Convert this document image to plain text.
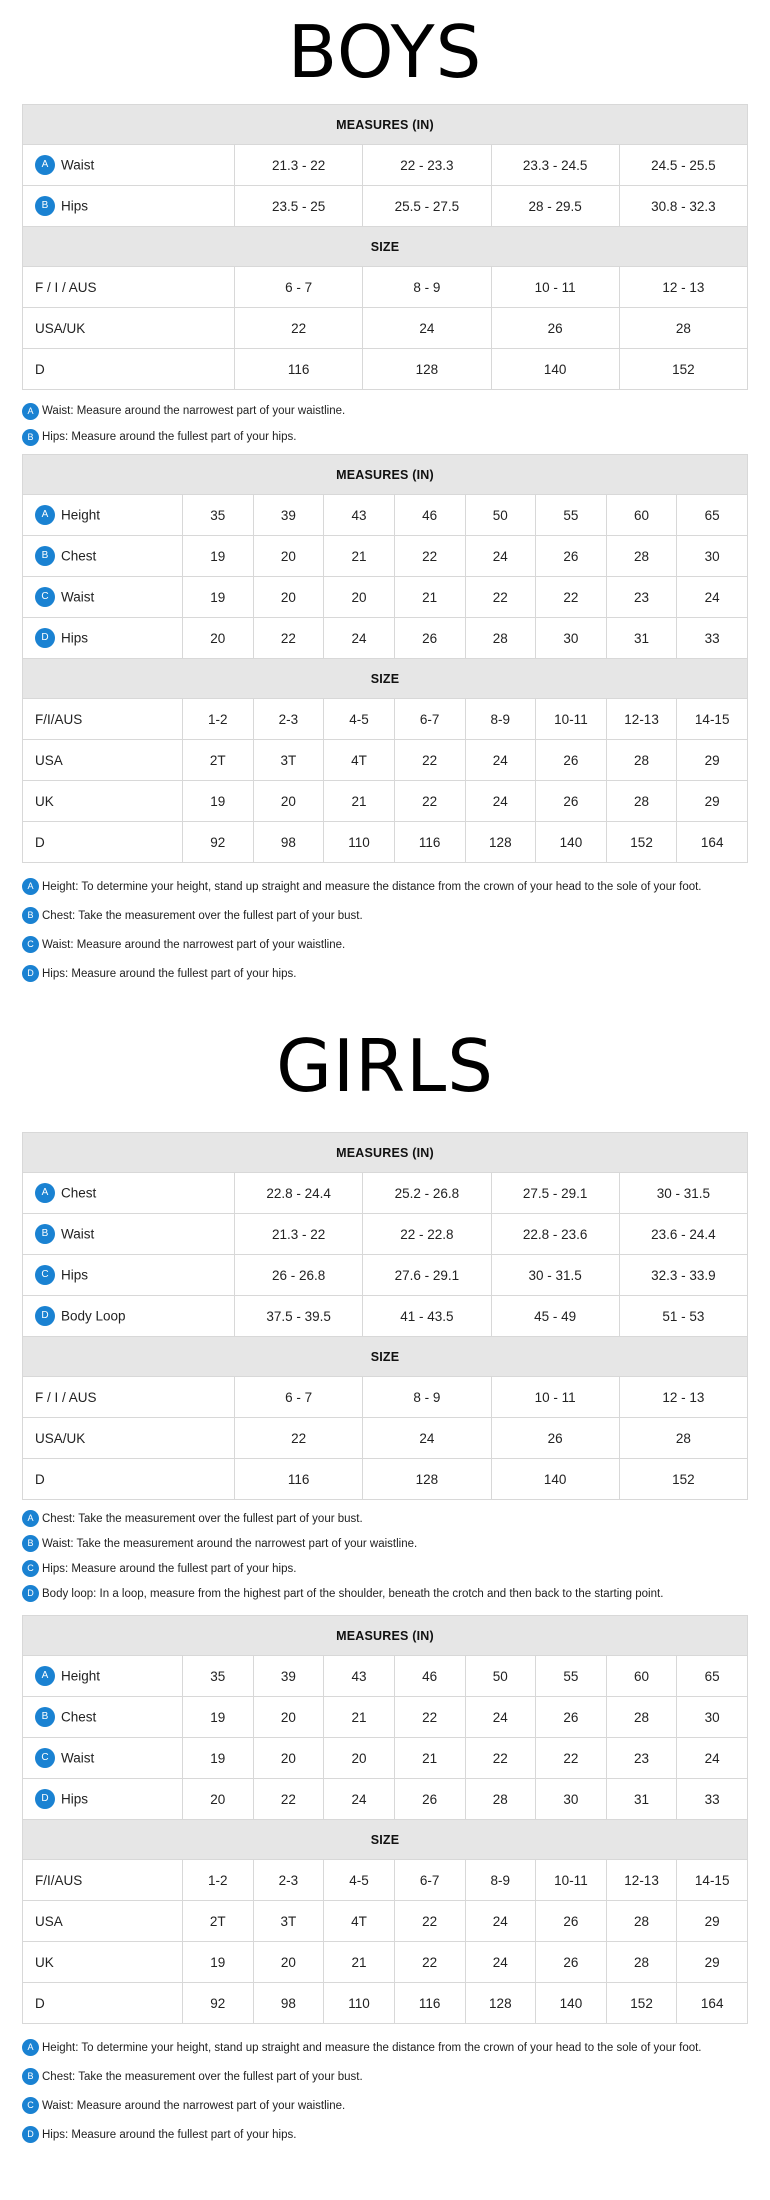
BOYS
MEASURES (IN)				
A Waist	21.3 - 22	22 - 23.3	23.3 - 24.5	24.5 - 25.5
B Hips	23.5 - 25	25.5 - 27.5	28 - 29.5	30.8 - 32.3
SIZE				
F / I / AUS	6 - 7	8 - 9	10 - 11	12 - 13
USA/UK	22	24	26	28
D	116	128	140	152
A Waist: Measure around the narrowest part of your waistline.
B Hips: Measure around the fullest part of your hips.
MEASURES (IN)								
A Height	35	39	43	46	50	55	60	65
B Chest	19	20	21	22	24	26	28	30
C Waist	19	20	20	21	22	22	23	24
D Hips	20	22	24	26	28	30	31	33
SIZE								
F/I/AUS	1-2	2-3	4-5	6-7	8-9	10-11	12-13	14-15
USA	2T	3T	4T	22	24	26	28	29
UK	19	20	21	22	24	26	28	29
D	92	98	110	116	128	140	152	164
A Height: To determine your height, stand up straight and measure the distance from the crown of your head to the sole of your foot.
B Chest: Take the measurement over the fullest part of your bust.
C Waist: Measure around the narrowest part of your waistline.
D Hips: Measure around the fullest part of your hips.
GIRLS
MEASURES (IN)				
A Chest	22.8 - 24.4	25.2 - 26.8	27.5 - 29.1	30 - 31.5
B Waist	21.3 - 22	22 - 22.8	22.8 - 23.6	23.6 - 24.4
C Hips	26 - 26.8	27.6 - 29.1	30 - 31.5	32.3 - 33.9
D Body Loop	37.5 - 39.5	41 - 43.5	45 - 49	51 - 53
SIZE				
F / I / AUS	6 - 7	8 - 9	10 - 11	12 - 13
USA/UK	22	24	26	28
D	116	128	140	152
A Chest: Take the measurement over the fullest part of your bust.
B Waist: Take the measurement around the narrowest part of your waistline.
C Hips: Measure around the fullest part of your hips.
D Body loop: In a loop, measure from the highest part of the shoulder, beneath the crotch and then back to the starting point.
MEASURES (IN)								
A Height	35	39	43	46	50	55	60	65
B Chest	19	20	21	22	24	26	28	30
C Waist	19	20	20	21	22	22	23	24
D Hips	20	22	24	26	28	30	31	33
SIZE								
F/I/AUS	1-2	2-3	4-5	6-7	8-9	10-11	12-13	14-15
USA	2T	3T	4T	22	24	26	28	29
UK	19	20	21	22	24	26	28	29
D	92	98	110	116	128	140	152	164
A Height: To determine your height, stand up straight and measure the distance from the crown of your head to the sole of your foot.
B Chest: Take the measurement over the fullest part of your bust.
C Waist: Measure around the narrowest part of your waistline.
D Hips: Measure around the fullest part of your hips.
